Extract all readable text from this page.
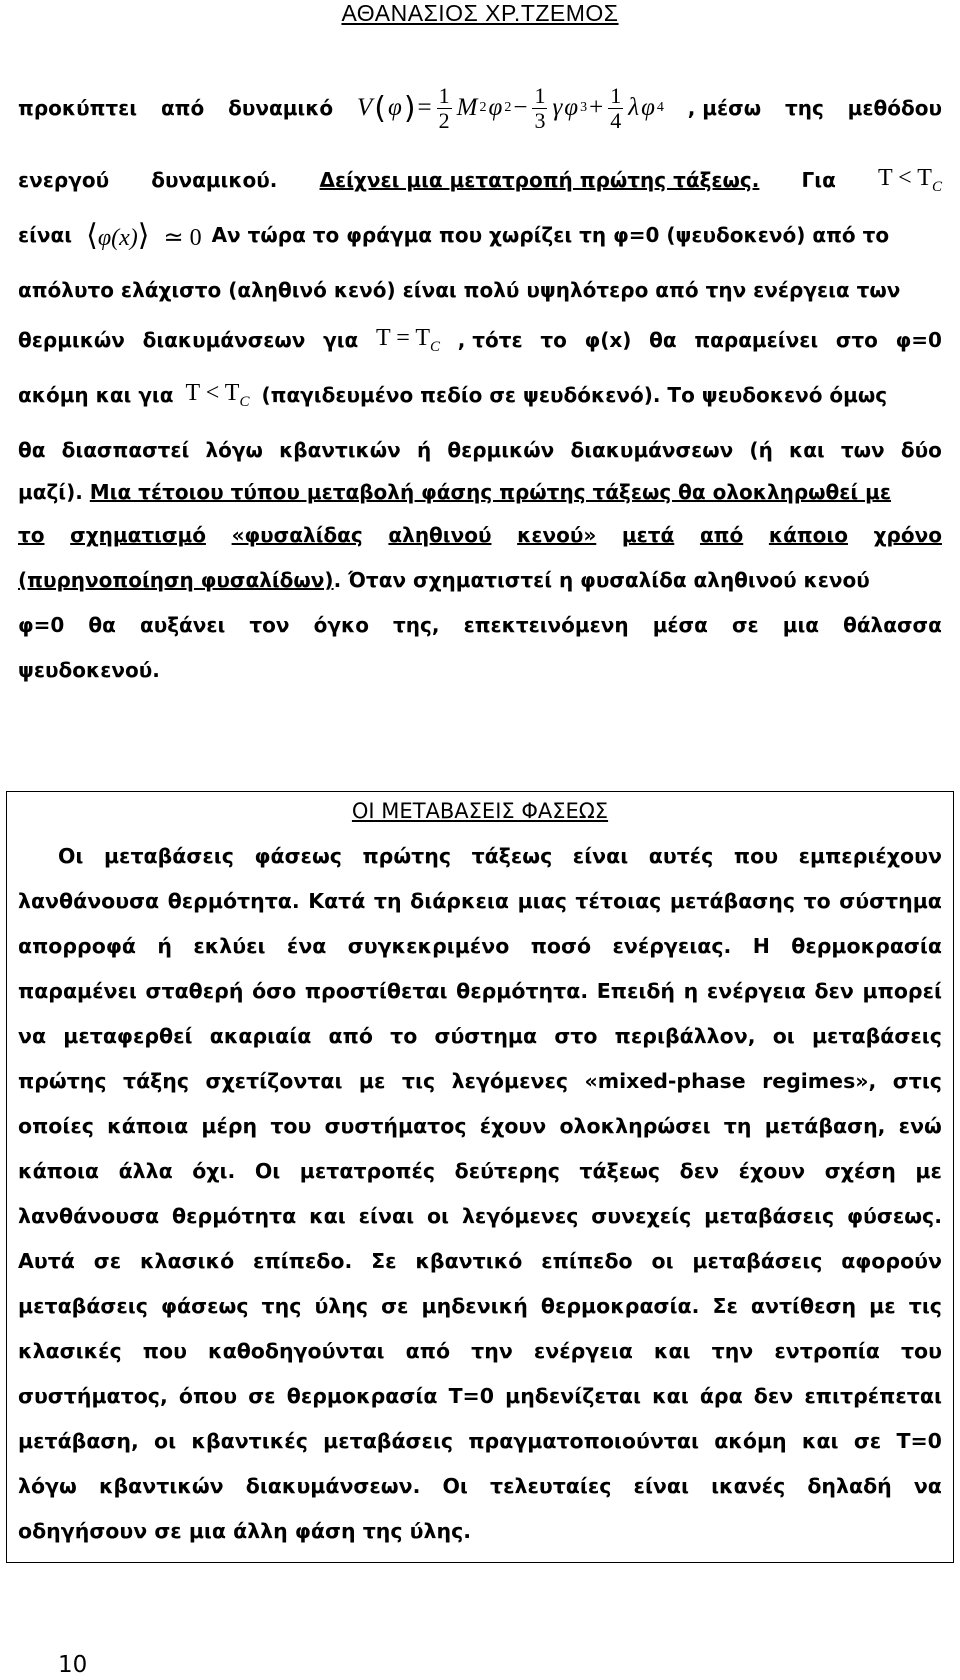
ΑΘΑΝΑΣΙΟΣ ΧΡ.ΤΖΕΜΟΣ
προκύπτει από δυναμικό V ( φ ) = $\frac{1}{2}$ M 2 φ $2 - \frac{1}{3}$ γ φ $3 + \frac{1}{4}$ λ φ 4 , μέσω της μεθόδου
ενεργού δυναμικού. Δείχνει μια μετατροπή πρώτης τάξεως. Για $T < T_C$
είναι ⟨φ(x)⟩ ≃ 0 Αν τώρα το φράγμα που χωρίζει τη φ=0 (ψευδοκενό) από το
απόλυτο ελάχιστο (αληθινό κενό) είναι πολύ υψηλότερο από την ενέργεια των
θερμικών διακυμάνσεων για $T = T_C$ , τότε το φ(x) θα παραμείνει στο φ=0
ακόμη και για $T < T_C$ (παγιδευμένο πεδίο σε ψευδόκενό). Το ψευδοκενό όμως
θα διασπαστεί λόγω κβαντικών ή θερμικών διακυμάνσεων (ή και των δύο
μαζί).
Μια τέτοιου τύπου μεταβολή φάσης πρώτης τάξεως θα ολοκληρωθεί με
το σχηματισμό «φυσαλίδας αληθινού κενού» μετά από κάποιο χρόνο
(πυρηνοποίηση φυσαλίδων) . Όταν σχηματιστεί η φυσαλίδα αληθινού κενού
φ=0 θα αυξάνει τον όγκο της, επεκτεινόμενη μέσα σε μια θάλασσα
ψευδοκενού.
ΟΙ ΜΕΤΑΒΑΣΕΙΣ ΦΑΣΕΩΣ
Οι μεταβάσεις φάσεως πρώτης τάξεως είναι αυτές που εμπεριέχουν
λανθάνουσα θερμότητα. Κατά τη διάρκεια μιας τέτοιας μετάβασης το σύστημα
απορροφά ή εκλύει ένα συγκεκριμένο ποσό ενέργειας. Η θερμοκρασία
παραμένει σταθερή όσο προστίθεται θερμότητα. Επειδή η ενέργεια δεν μπορεί
να μεταφερθεί ακαριαία από το σύστημα στο περιβάλλον, οι μεταβάσεις
πρώτης τάξης σχετίζονται με τις λεγόμενες «mixed-phase regimes», στις
οποίες κάποια μέρη του συστήματος έχουν ολοκληρώσει τη μετάβαση, ενώ
κάποια άλλα όχι. Οι μετατροπές δεύτερης τάξεως δεν έχουν σχέση με
λανθάνουσα θερμότητα και είναι οι λεγόμενες συνεχείς μεταβάσεις φύσεως.
Αυτά σε κλασικό επίπεδο. Σε κβαντικό επίπεδο οι μεταβάσεις αφορούν
μεταβάσεις φάσεως της ύλης σε μηδενική θερμοκρασία. Σε αντίθεση με τις
κλασικές που καθοδηγούνται από την ενέργεια και την εντροπία του
συστήματος, όπου σε θερμοκρασία T=0 μηδενίζεται και άρα δεν επιτρέπεται
μετάβαση, οι κβαντικές μεταβάσεις πραγματοποιούνται ακόμη και σε T=0
λόγω κβαντικών διακυμάνσεων. Οι τελευταίες είναι ικανές δηλαδή να
οδηγήσουν σε μια άλλη φάση της ύλης.
10
